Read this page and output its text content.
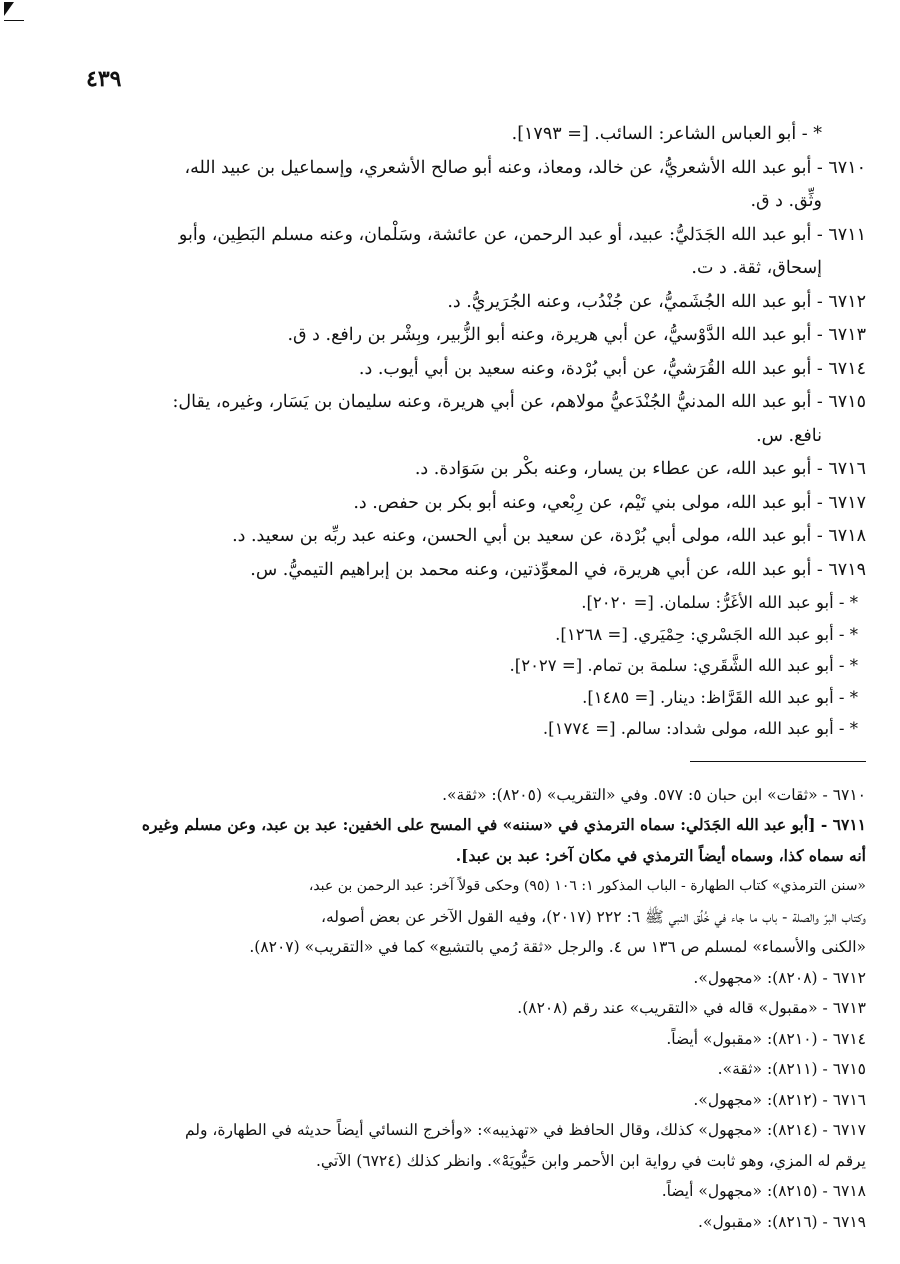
٤٣٩

* - أبو العباس الشاعر: السائب. [= ١٧٩٣].

٦٧١٠ - أبو عبد الله الأشعريُّ، عن خالد، ومعاذ، وعنه أبو صالح الأشعري، وإسماعيل بن عبيد الله،

وثِّق. د ق.

٦٧١١ - أبو عبد الله الجَدَليُّ: عبيد، أو عبد الرحمن، عن عائشة، وسَلْمان، وعنه مسلم البَطِين، وأبو

إسحاق، ثقة. د ت.

٦٧١٢ - أبو عبد الله الجُشَميُّ، عن جُنْدُب، وعنه الجُرَيريُّ. د.

٦٧١٣ - أبو عبد الله الدَّوْسيُّ، عن أبي هريرة، وعنه أبو الزُّبير، وبِشْر بن رافع. د ق.

٦٧١٤ - أبو عبد الله القُرَشيُّ، عن أبي بُرْدة، وعنه سعيد بن أبي أيوب. د.

٦٧١٥ - أبو عبد الله المدنيُّ الجُنْدَعيُّ مولاهم، عن أبي هريرة، وعنه سليمان بن يَسَار، وغيره، يقال:

نافع. س.

٦٧١٦ - أبو عبد الله، عن عطاء بن يسار، وعنه بكْر بن سَوَادة. د.

٦٧١٧ - أبو عبد الله، مولى بني تَيْم، عن رِبْعي، وعنه أبو بكر بن حفص. د.

٦٧١٨ - أبو عبد الله، مولى أبي بُرْدة، عن سعيد بن أبي الحسن، وعنه عبد ربِّه بن سعيد. د.

٦٧١٩ - أبو عبد الله، عن أبي هريرة، في المعوِّذتين، وعنه محمد بن إبراهيم التيميُّ. س.

* - أبو عبد الله الأغَرُّ: سلمان. [= ٢٠٢٠].

* - أبو عبد الله الجَسْري: حِمْيَري. [= ١٢٦٨].

* - أبو عبد الله الشَّقَري: سلمة بن تمام. [= ٢٠٢٧].

* - أبو عبد الله القَرَّاظ: دينار. [= ١٤٨٥].

* - أبو عبد الله، مولى شداد: سالم. [= ١٧٧٤].

٦٧١٠ - «ثقات» ابن حبان ٥: ٥٧٧. وفي «التقريب» (٨٢٠٥): «ثقة».

٦٧١١ - [أبو عبد الله الجَدَلي: سماه الترمذي في «سننه» في المسح على الخفين: عبد بن عبد، وعن مسلم وغيره

أنه سماه كذا، وسماه أيضاً الترمذي في مكان آخر: عبد بن عبد].

«سنن الترمذي» كتاب الطهارة - الباب المذكور ١: ١٠٦ (٩٥) وحكى قولاً آخر: عبد الرحمن بن عبد،

وكتاب البرّ والصلة - باب ما جاء في خُلُق النبي ﷺ ٦: ٢٢٢ (٢٠١٧)، وفيه القول الآخر عن بعض أصوله،

«الكنى والأسماء» لمسلم ص ١٣٦ س ٤. والرجل «ثقة رُمي بالتشيع» كما في «التقريب» (٨٢٠٧).

٦٧١٢ - (٨٢٠٨): «مجهول».

٦٧١٣ - «مقبول» قاله في «التقريب» عند رقم (٨٢٠٨).

٦٧١٤ - (٨٢١٠): «مقبول» أيضاً.

٦٧١٥ - (٨٢١١): «ثقة».

٦٧١٦ - (٨٢١٢): «مجهول».

٦٧١٧ - (٨٢١٤): «مجهول» كذلك، وقال الحافظ في «تهذيبه»: «وأخرج النسائي أيضاً حديثه في الطهارة، ولم

يرقم له المزي، وهو ثابت في رواية ابن الأحمر وابن حَيُّويَهْ». وانظر كذلك (٦٧٢٤) الآتي.

٦٧١٨ - (٨٢١٥): «مجهول» أيضاً.

٦٧١٩ - (٨٢١٦): «مقبول».
